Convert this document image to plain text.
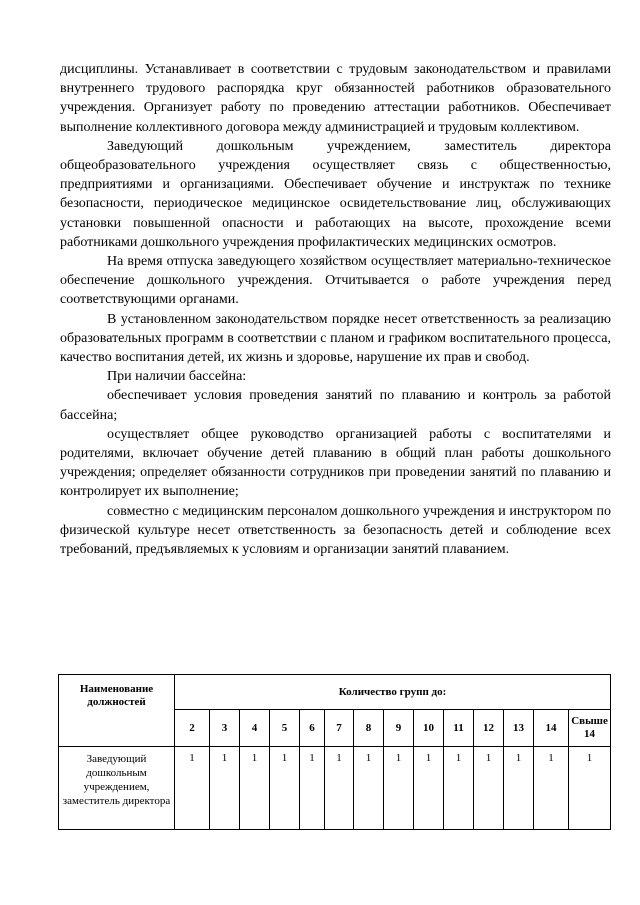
дисциплины. Устанавливает в соответствии с трудовым законодательством и правилами внутреннего трудового распорядка круг обязанностей работников образовательного учреждения. Организует работу по проведению аттестации работников. Обеспечивает выполнение коллективного договора между администрацией и трудовым коллективом.

Заведующий дошкольным учреждением, заместитель директора общеобразовательного учреждения осуществляет связь с общественностью, предприятиями и организациями. Обеспечивает обучение и инструктаж по технике безопасности, периодическое медицинское освидетельствование лиц, обслуживающих установки повышенной опасности и работающих на высоте, прохождение всеми работниками дошкольного учреждения профилактических медицинских осмотров.

На время отпуска заведующего хозяйством осуществляет материально-техническое обеспечение дошкольного учреждения. Отчитывается о работе учреждения перед соответствующими органами.

В установленном законодательством порядке несет ответственность за реализацию образовательных программ в соответствии с планом и графиком воспитательного процесса, качество воспитания детей, их жизнь и здоровье, нарушение их прав и свобод.

При наличии бассейна:

обеспечивает условия проведения занятий по плаванию и контроль за работой бассейна;

осуществляет общее руководство организацией работы с воспитателями и родителями, включает обучение детей плаванию в общий план работы дошкольного учреждения; определяет обязанности сотрудников при проведении занятий по плаванию и контролирует их выполнение;

совместно с медицинским персоналом дошкольного учреждения и инструктором по физической культуре несет ответственность за безопасность детей и соблюдение всех требований, предъявляемых к условиям и организации занятий плаванием.

Наименование должностей	Количество групп до:													
	2	3	4	5	6	7	8	9	10	11	12	13	14	Свыше 14
Заведующий дошкольным учреждением, заместитель директора	1	1	1	1	1	1	1	1	1	1	1	1	1	1
